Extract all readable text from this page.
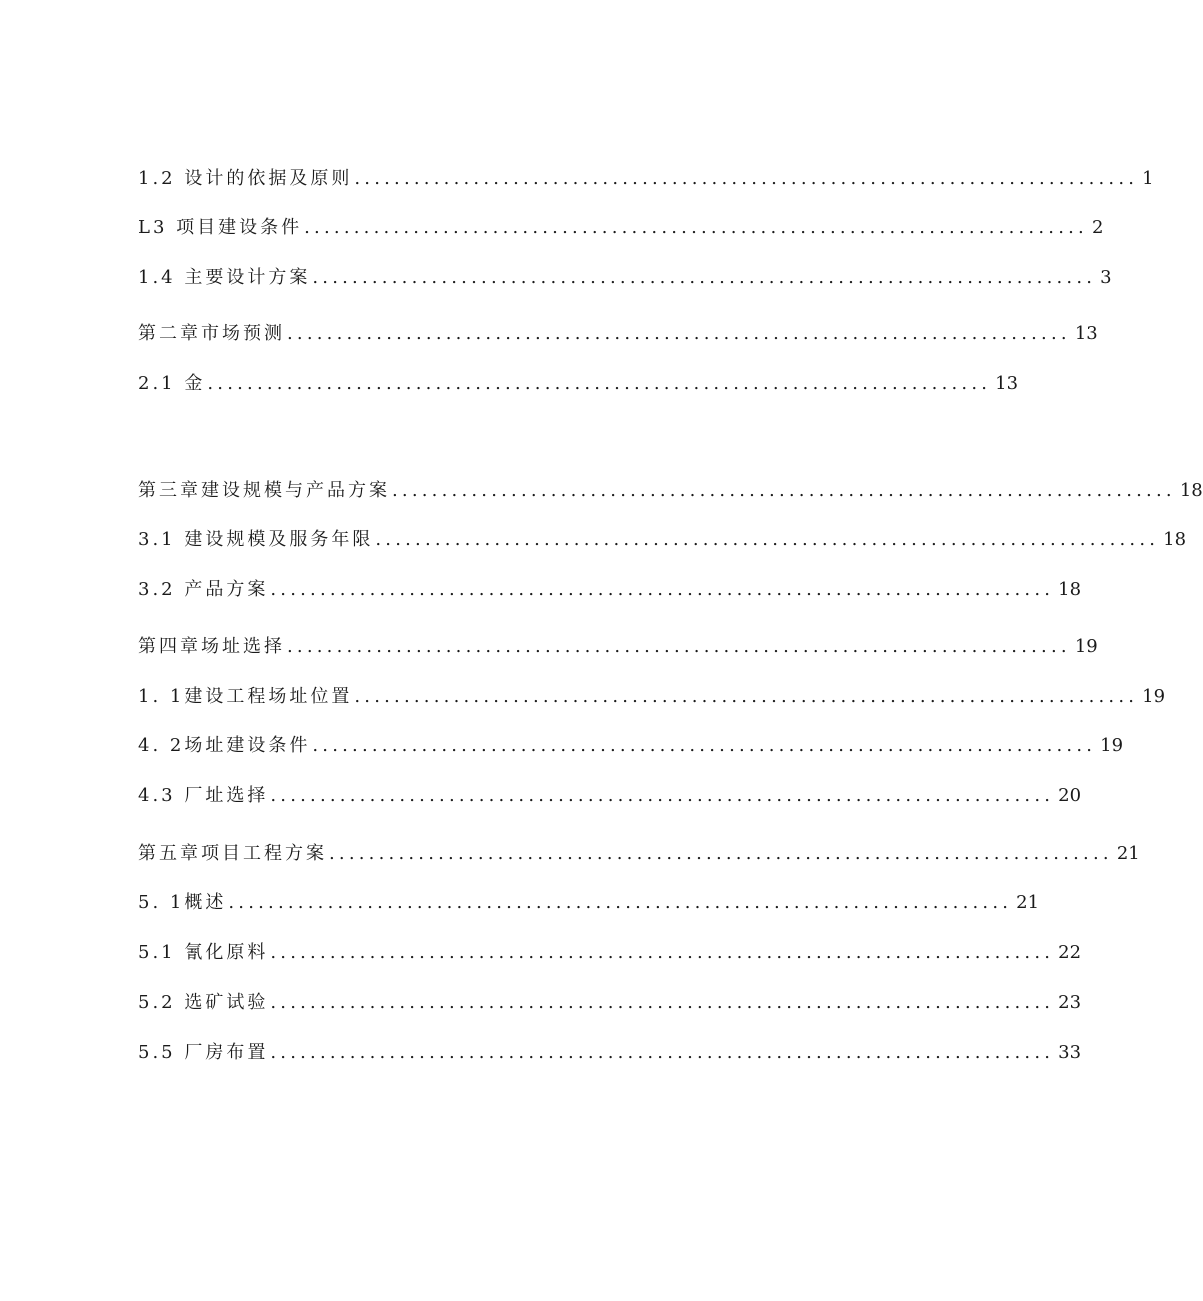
1.2 设计的依据及原则 ............................................................................... 1
L3 项目建设条件 ............................................................................... 2
1.4 主要设计方案 ............................................................................... 3
第二章市场预测 ............................................................................... 13
2.1 金 ............................................................................... 13
第三章建设规模与产品方案 ............................................................................... 18
3.1 建设规模及服务年限 ............................................................................... 18
3.2 产品方案 ............................................................................... 18
第四章场址选择 ............................................................................... 19
1. 1建设工程场址位置 ............................................................................... 19
4. 2场址建设条件 ............................................................................... 19
4.3 厂址选择 ............................................................................... 20
第五章项目工程方案 ............................................................................... 21
5. 1概述 ............................................................................... 21
5.1 氰化原料 ............................................................................... 22
5.2 选矿试验 ............................................................................... 23
5.5 厂房布置 ............................................................................... 33
